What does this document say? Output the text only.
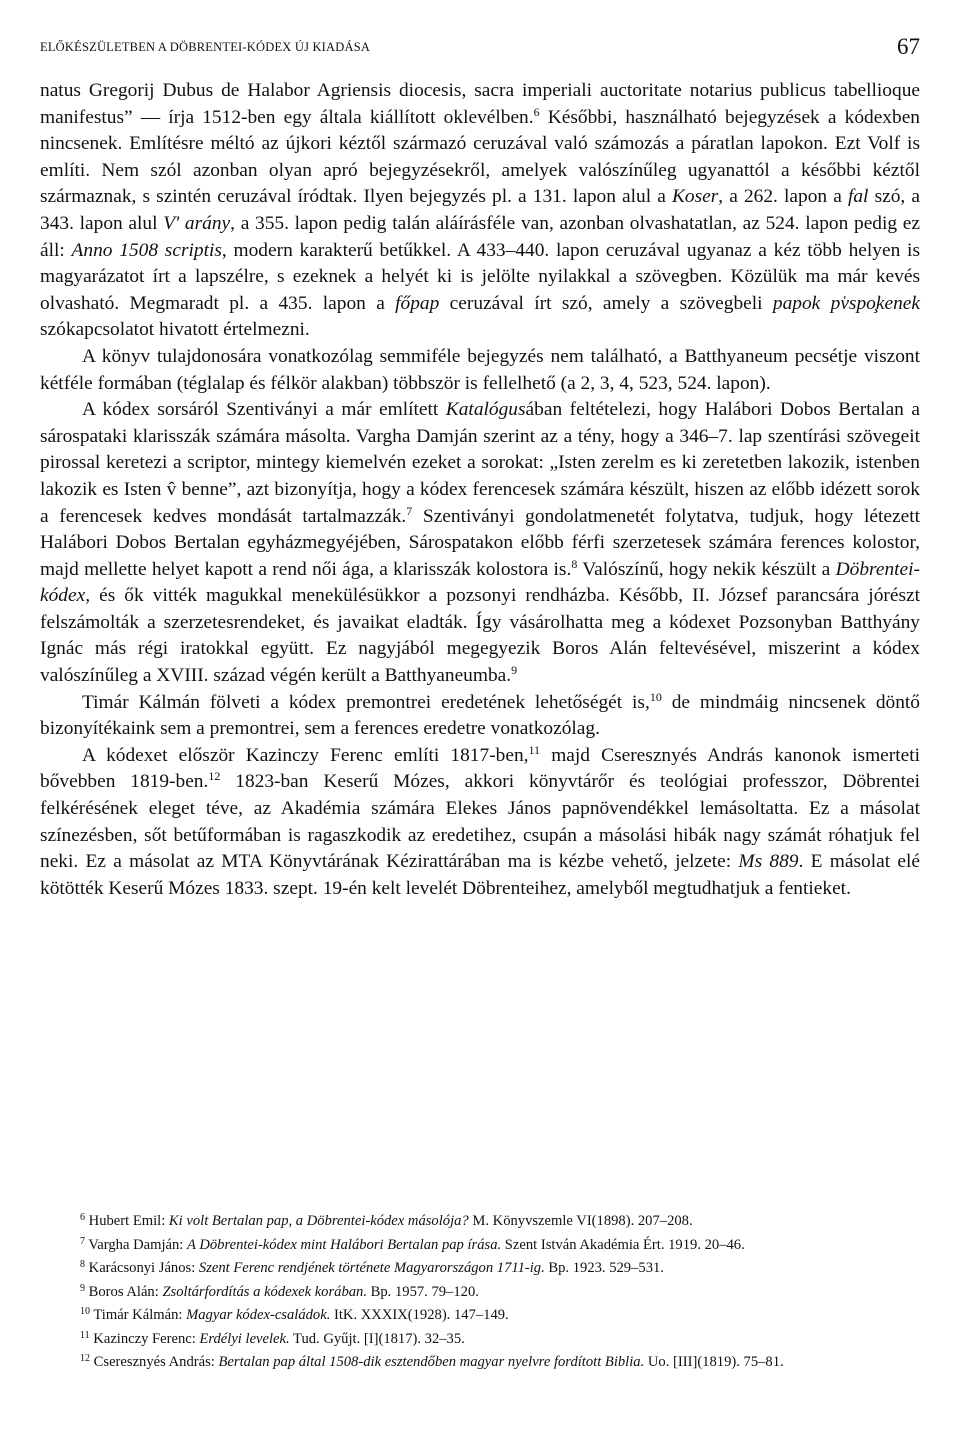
ELŐKÉSZÜLETBEN A DÖBRENTEI-KÓDEX ÚJ KIADÁSA	67

natus Gregorij Dubus de Halabor Agriensis diocesis, sacra imperiali auctoritate notarius publicus tabellioque manifestus” — írja 1512-ben egy általa kiállított oklevélben.$^6$ Későbbi, használható bejegyzések a kódexben nincsenek. Említésre méltó az újkori kéztől származó ceruzával való számozás a páratlan lapokon. Ezt Volf is említi. Nem szól azonban olyan apró bejegyzésekről, amelyek valószínűleg ugyanattól a későbbi kéztől származnak, s szintén ceruzával íródtak. Ilyen bejegyzés pl. a 131. lapon alul a Koser, a 262. lapon a fal szó, a 343. lapon alul V' arány, a 355. lapon pedig talán aláírásféle van, azonban olvashatatlan, az 524. lapon pedig ez áll: Anno 1508 scriptis, modern karakterű betűkkel. A 433–440. lapon ceruzával ugyanaz a kéz több helyen is magyarázatot írt a lapszélre, s ezeknek a helyét ki is jelölte nyilakkal a szövegben. Közülük ma már kevés olvasható. Megmaradt pl. a 435. lapon a főpap ceruzával írt szó, amely a szövegbeli papok pv̍spo̧kenek szókapcsolatot hivatott értelmezni.

A könyv tulajdonosára vonatkozólag semmiféle bejegyzés nem található, a Batthyaneum pecsétje viszont kétféle formában (téglalap és félkör alakban) többször is fellelhető (a 2, 3, 4, 523, 524. lapon).

A kódex sorsáról Szentiványi a már említett Katalógusában feltételezi, hogy Halábori Dobos Bertalan a sárospataki klarisszák számára másolta. Vargha Damján szerint az a tény, hogy a 346–7. lap szentírási szövegeit pirossal keretezi a scriptor, mintegy kiemelvén ezeket a sorokat: „Isten zerelm es ki zeretetben lakozik, istenben lakozik es Isten v̂ benne”, azt bizonyítja, hogy a kódex ferencesek számára készült, hiszen az előbb idézett sorok a ferencesek kedves mondását tartalmazzák.$^7$ Szentiványi gondolatmenetét folytatva, tudjuk, hogy létezett Halábori Dobos Bertalan egyházmegyéjében, Sárospatakon előbb férfi szerzetesek számára ferences kolostor, majd mellette helyet kapott a rend női ága, a klarisszák kolostora is.$^8$ Valószínű, hogy nekik készült a Döbrentei-kódex, és ők vitték magukkal menekülésükkor a pozsonyi rendházba. Később, II. József parancsára jórészt felszámolták a szerzetesrendeket, és javaikat eladták. Így vásárolhatta meg a kódexet Pozsonyban Batthyány Ignác más régi iratokkal együtt. Ez nagyjából megegyezik Boros Alán feltevésével, miszerint a kódex valószínűleg a XVIII. század végén került a Batthyaneumba.$^9$

Timár Kálmán fölveti a kódex premontrei eredetének lehetőségét is,$^{10}$ de mindmáig nincsenek döntő bizonyítékaink sem a premontrei, sem a ferences eredetre vonatkozólag.

A kódexet először Kazinczy Ferenc említi 1817-ben,$^{11}$ majd Cseresznyés András kanonok ismerteti bővebben 1819-ben.$^{12}$ 1823-ban Keserű Mózes, akkori könyvtárőr és teológiai professzor, Döbrentei felkérésének eleget téve, az Akadémia számára Elekes János papnövendékkel lemásoltatta. Ez a másolat színezésben, sőt betűformában is ragaszkodik az eredetihez, csupán a másolási hibák nagy számát róhatjuk fel neki. Ez a másolat az MTA Könyvtárának Kézirattárában ma is kézbe vehető, jelzete: Ms 889. E másolat elé kötötték Keserű Mózes 1833. szept. 19-én kelt levelét Döbrenteihez, amelyből megtudhatjuk a fentieket.

$^6$ Hubert Emil: Ki volt Bertalan pap, a Döbrentei-kódex másolója? M. Könyvszemle VI(1898). 207–208.

$^7$ Vargha Damján: A Döbrentei-kódex mint Halábori Bertalan pap írása. Szent István Akadémia Ért. 1919. 20–46.

$^8$ Karácsonyi János: Szent Ferenc rendjének története Magyarországon 1711-ig. Bp. 1923. 529–531.

$^9$ Boros Alán: Zsoltárfordítás a kódexek korában. Bp. 1957. 79–120.

$^{10}$ Timár Kálmán: Magyar kódex-családok. ItK. XXXIX(1928). 147–149.

$^{11}$ Kazinczy Ferenc: Erdélyi levelek. Tud. Gyűjt. [I](1817). 32–35.

$^{12}$ Cseresznyés András: Bertalan pap által 1508-dik esztendőben magyar nyelvre fordított Biblia. Uo. [III](1819). 75–81.
